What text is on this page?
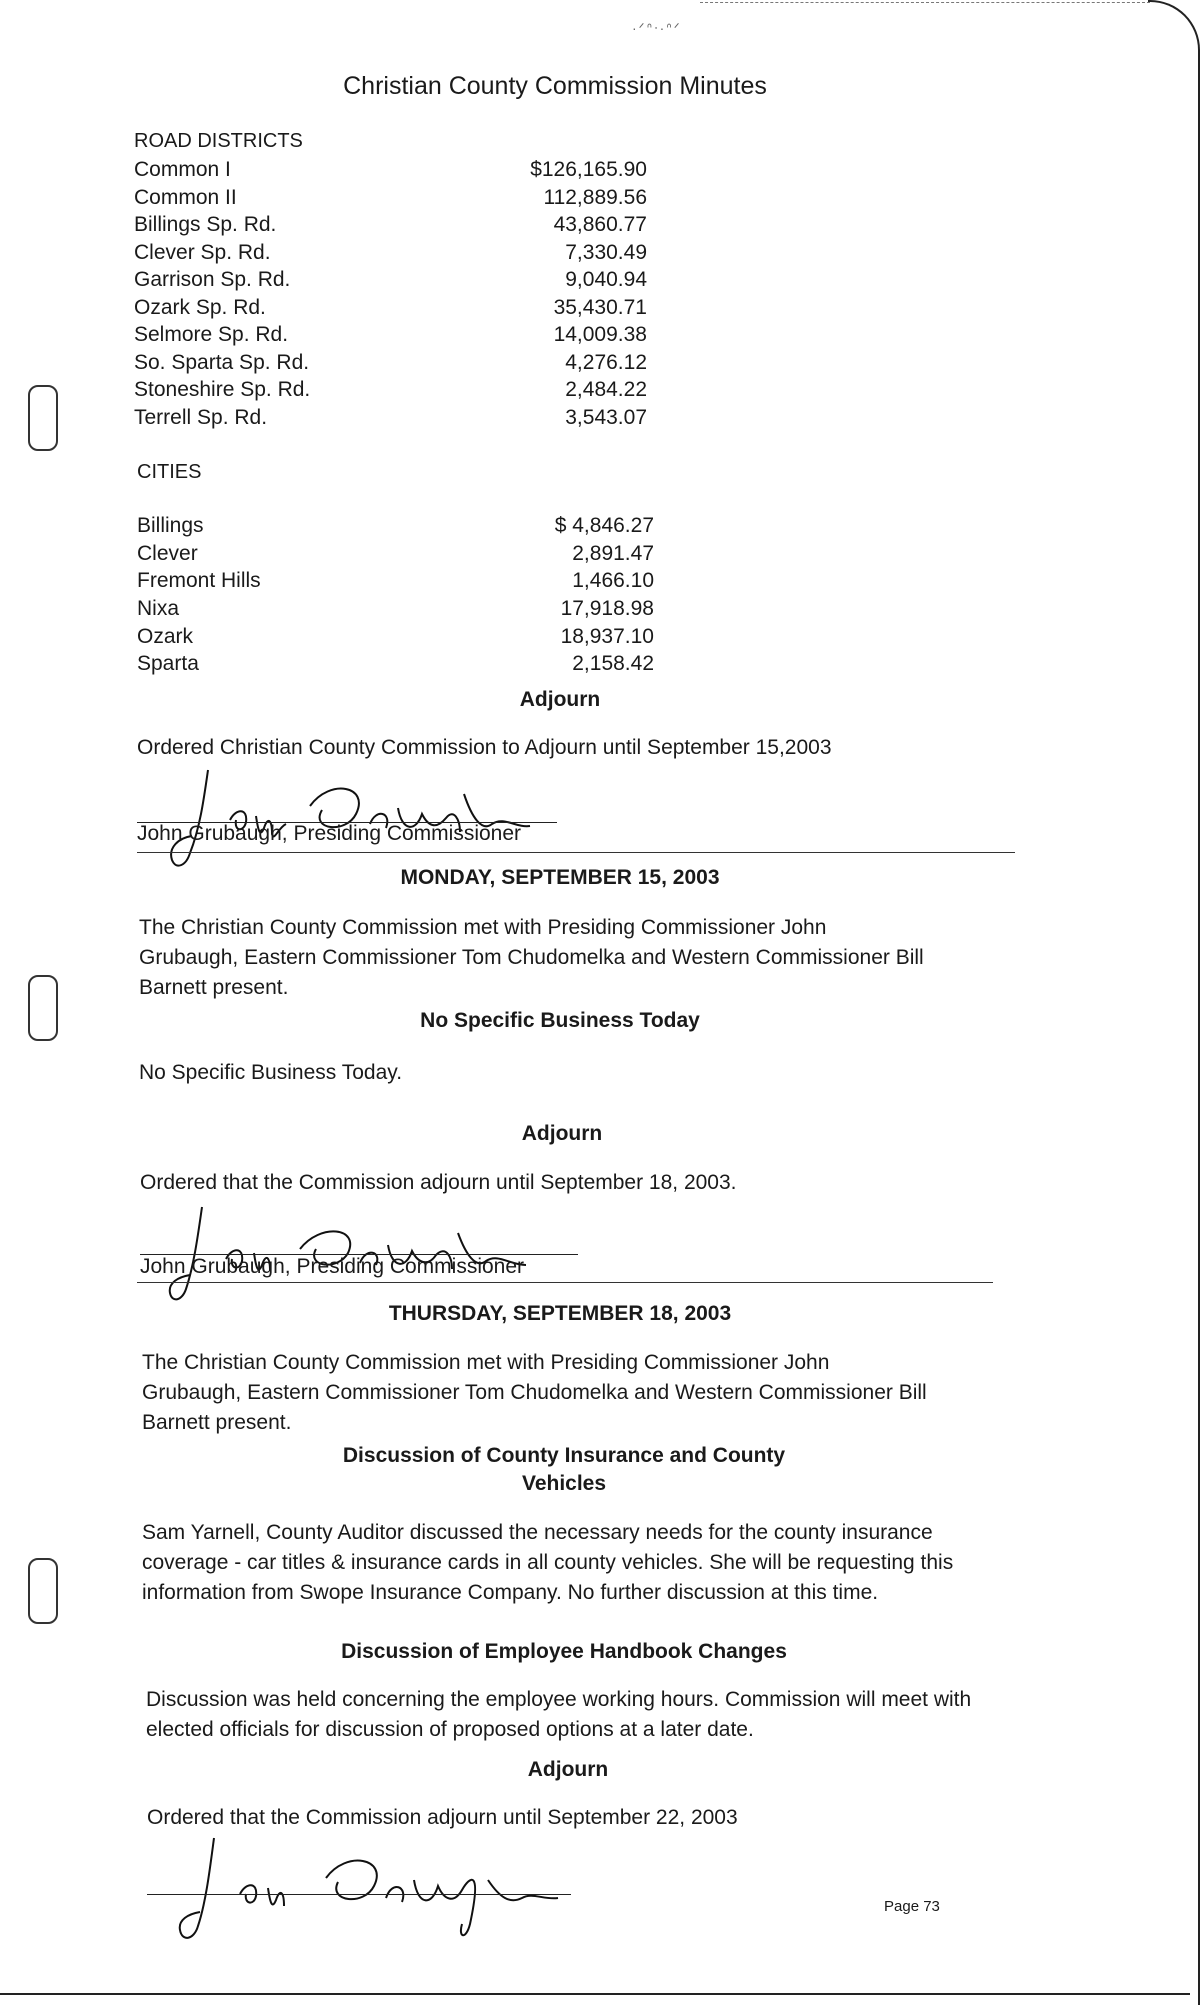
·ᐟᐢᐧ·ᐢᐟ
Christian County Commission Minutes
ROAD DISTRICTS
Common I	$126,165.90
Common II	112,889.56
Billings Sp. Rd.	43,860.77
Clever Sp. Rd.	7,330.49
Garrison Sp. Rd.	9,040.94
Ozark Sp. Rd.	35,430.71
Selmore Sp. Rd.	14,009.38
So. Sparta Sp. Rd.	4,276.12
Stoneshire Sp. Rd.	2,484.22
Terrell Sp. Rd.	3,543.07
CITIES
Billings	$ 4,846.27
Clever	2,891.47
Fremont Hills	1,466.10
Nixa	17,918.98
Ozark	18,937.10
Sparta	2,158.42
Adjourn
Ordered Christian County Commission to Adjourn until September 15,2003
John Grubaugh, Presiding Commissioner
MONDAY, SEPTEMBER 15, 2003
The Christian County Commission met with Presiding Commissioner John Grubaugh, Eastern Commissioner Tom Chudomelka and Western Commissioner Bill Barnett present.
No Specific Business Today
No Specific Business Today.
Adjourn
Ordered that the Commission adjourn until September 18, 2003.
John Grubaugh, Presiding Commissioner
THURSDAY, SEPTEMBER 18, 2003
The Christian County Commission met with Presiding Commissioner John Grubaugh, Eastern Commissioner Tom Chudomelka and Western Commissioner Bill Barnett present.
Discussion of County Insurance and County
Vehicles
Sam Yarnell, County Auditor discussed the necessary needs for the county insurance coverage - car titles & insurance cards in all county vehicles. She will be requesting this information from Swope Insurance Company. No further discussion at this time.
Discussion of Employee Handbook Changes
Discussion was held concerning the employee working hours. Commission will meet with elected officials for discussion of proposed options at a later date.
Adjourn
Ordered that the Commission adjourn until September 22, 2003
Page 73
